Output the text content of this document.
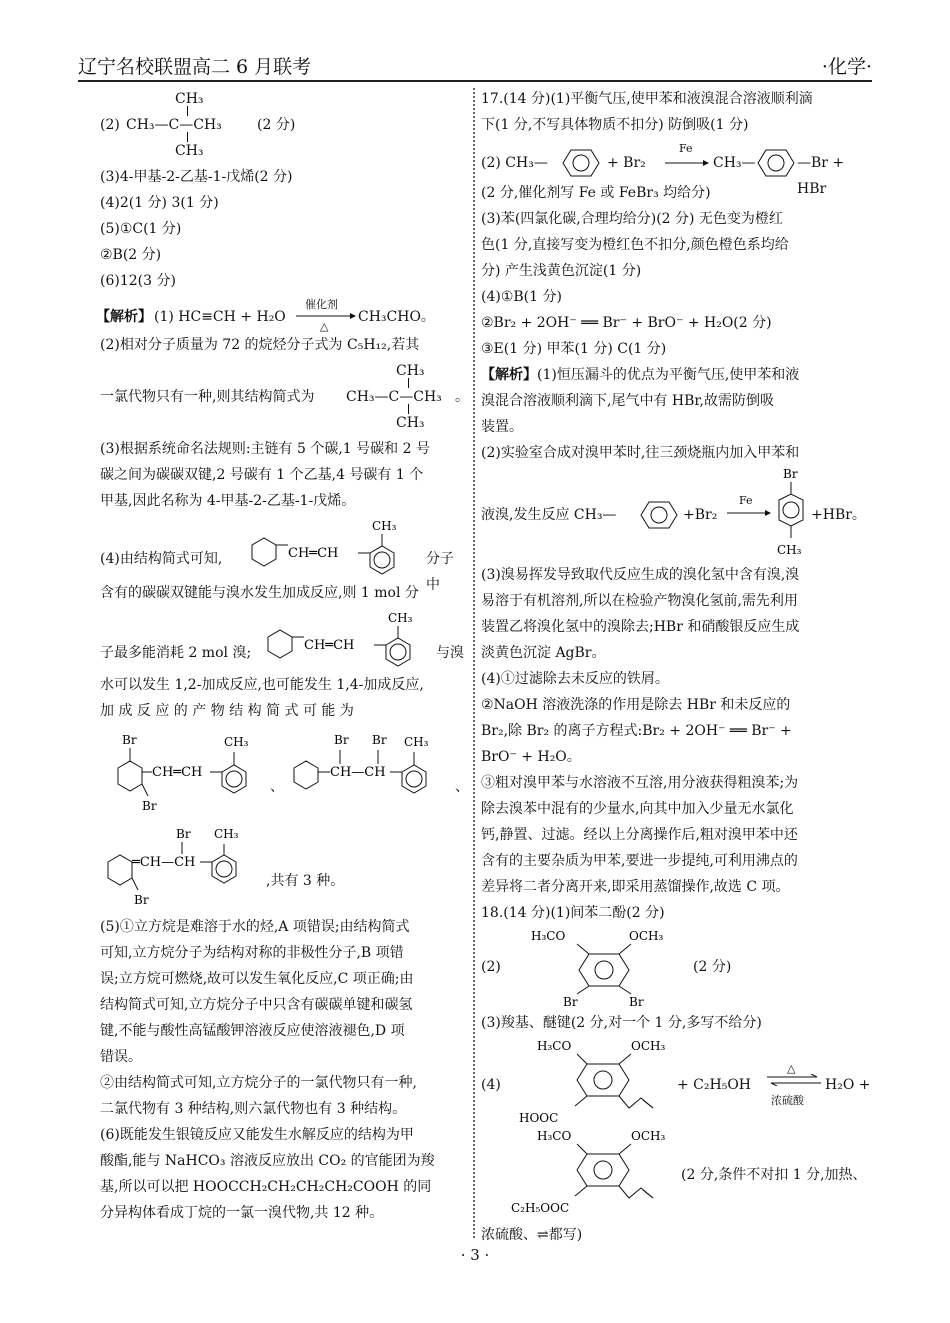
辽宁名校联盟高二 6 月联考	·化学·
CH₃
(2) CH₃—C—CH₃	(2 分)
CH₃

(3)4-甲基-2-乙基-1-戊烯(2 分)

(4)2(1 分) 3(1 分)

(5)①C(1 分)

②B(2 分)

(6)12(3 分)

【解析】 (1) HC≡CH + H₂O
催化剂
△
CH₃CHO。

(2)相对分子质量为 72 的烷烃分子式为 C₅H₁₂,若其

CH₃
一氯代物只有一种,则其结构简式为 CH₃—C—CH₃ 。
CH₃

(3)根据系统命名法规则:主链有 5 个碳,1 号碳和 2 号

碳之间为碳碳双键,2 号碳有 1 个乙基,4 号碳有 1 个

甲基,因此名称为 4-甲基-2-乙基-1-戊烯。

(4)由结构简式可知,	CH═CH
CH₃
分子中

含有的碳碳双键能与溴水发生加成反应,则 1 mol 分

子最多能消耗 2 mol 溴;	CH═CH
CH₃
与溴

水可以发生 1,2-加成反应,也可能发生 1,4-加成反应,

加 成 反 应 的 产 物 结 构 简 式 可 能 为

Br
Br
CH═CH
CH₃
、
CH—CH
Br Br CH₃
、
Br
═CH—CH
Br CH₃
,共有 3 种。

(5)①立方烷是难溶于水的烃,A 项错误;由结构简式

可知,立方烷分子为结构对称的非极性分子,B 项错

误;立方烷可燃烧,故可以发生氧化反应,C 项正确;由

结构简式可知,立方烷分子中只含有碳碳单键和碳氢

键,不能与酸性高锰酸钾溶液反应使溶液褪色,D 项

错误。

②由结构简式可知,立方烷分子的一氯代物只有一种,

二氯代物有 3 种结构,则六氯代物也有 3 种结构。

(6)既能发生银镜反应又能发生水解反应的结构为甲

酸酯,能与 NaHCO₃ 溶液反应放出 CO₂ 的官能团为羧

基,所以可以把 HOOCCH₂CH₂CH₂CH₂COOH 的同

分异构体看成丁烷的一氯一溴代物,共 12 种。

17.(14 分)(1)平衡气压,使甲苯和液溴混合溶液顺利滴

下(1 分,不写具体物质不扣分) 防倒吸(1 分)

(2) CH₃—	+ Br₂
Fe
→ CH₃—	—Br + HBr

(2 分,催化剂写 Fe 或 FeBr₃ 均给分)

(3)苯(四氯化碳,合理均给分)(2 分) 无色变为橙红

色(1 分,直接写变为橙红色不扣分,颜色橙色系均给

分) 产生浅黄色沉淀(1 分)

(4)①B(1 分)

②Br₂ + 2OH⁻ ══ Br⁻ + BrO⁻ + H₂O(2 分)

③E(1 分) 甲苯(1 分) C(1 分)

【解析】(1)恒压漏斗的优点为平衡气压,使甲苯和液

溴混合溶液顺利滴下,尾气中有 HBr,故需防倒吸

装置。

(2)实验室合成对溴甲苯时,往三颈烧瓶内加入甲苯和

液溴,发生反应 CH₃—	+Br₂
Fe
Br
CH₃
+HBr。

(3)溴易挥发导致取代反应生成的溴化氢中含有溴,溴

易溶于有机溶剂,所以在检验产物溴化氢前,需先利用

装置乙将溴化氢中的溴除去;HBr 和硝酸银反应生成

淡黄色沉淀 AgBr。

(4)①过滤除去未反应的铁屑。

②NaOH 溶液洗涤的作用是除去 HBr 和未反应的

Br₂,除 Br₂ 的离子方程式:Br₂ + 2OH⁻ ══ Br⁻ +

BrO⁻ + H₂O。

③粗对溴甲苯与水溶液不互溶,用分液获得粗溴苯;为

除去溴苯中混有的少量水,向其中加入少量无水氯化

钙,静置、过滤。经以上分离操作后,粗对溴甲苯中还

含有的主要杂质为甲苯,要进一步提纯,可利用沸点的

差异将二者分离开来,即采用蒸馏操作,故选 C 项。

18.(14 分)(1)间苯二酚(2 分)

(2)
H₃CO	OCH₃
Br	Br
(2 分)

(3)羧基、醚键(2 分,对一个 1 分,多写不给分)

(4)
H₃CO	OCH₃
HOOC
+ C₂H₅OH
△
浓硫酸
H₂O +
H₃CO	OCH₃
C₂H₅OOC
(2 分,条件不对扣 1 分,加热、

浓硫酸、⇌都写)

· 3 ·
